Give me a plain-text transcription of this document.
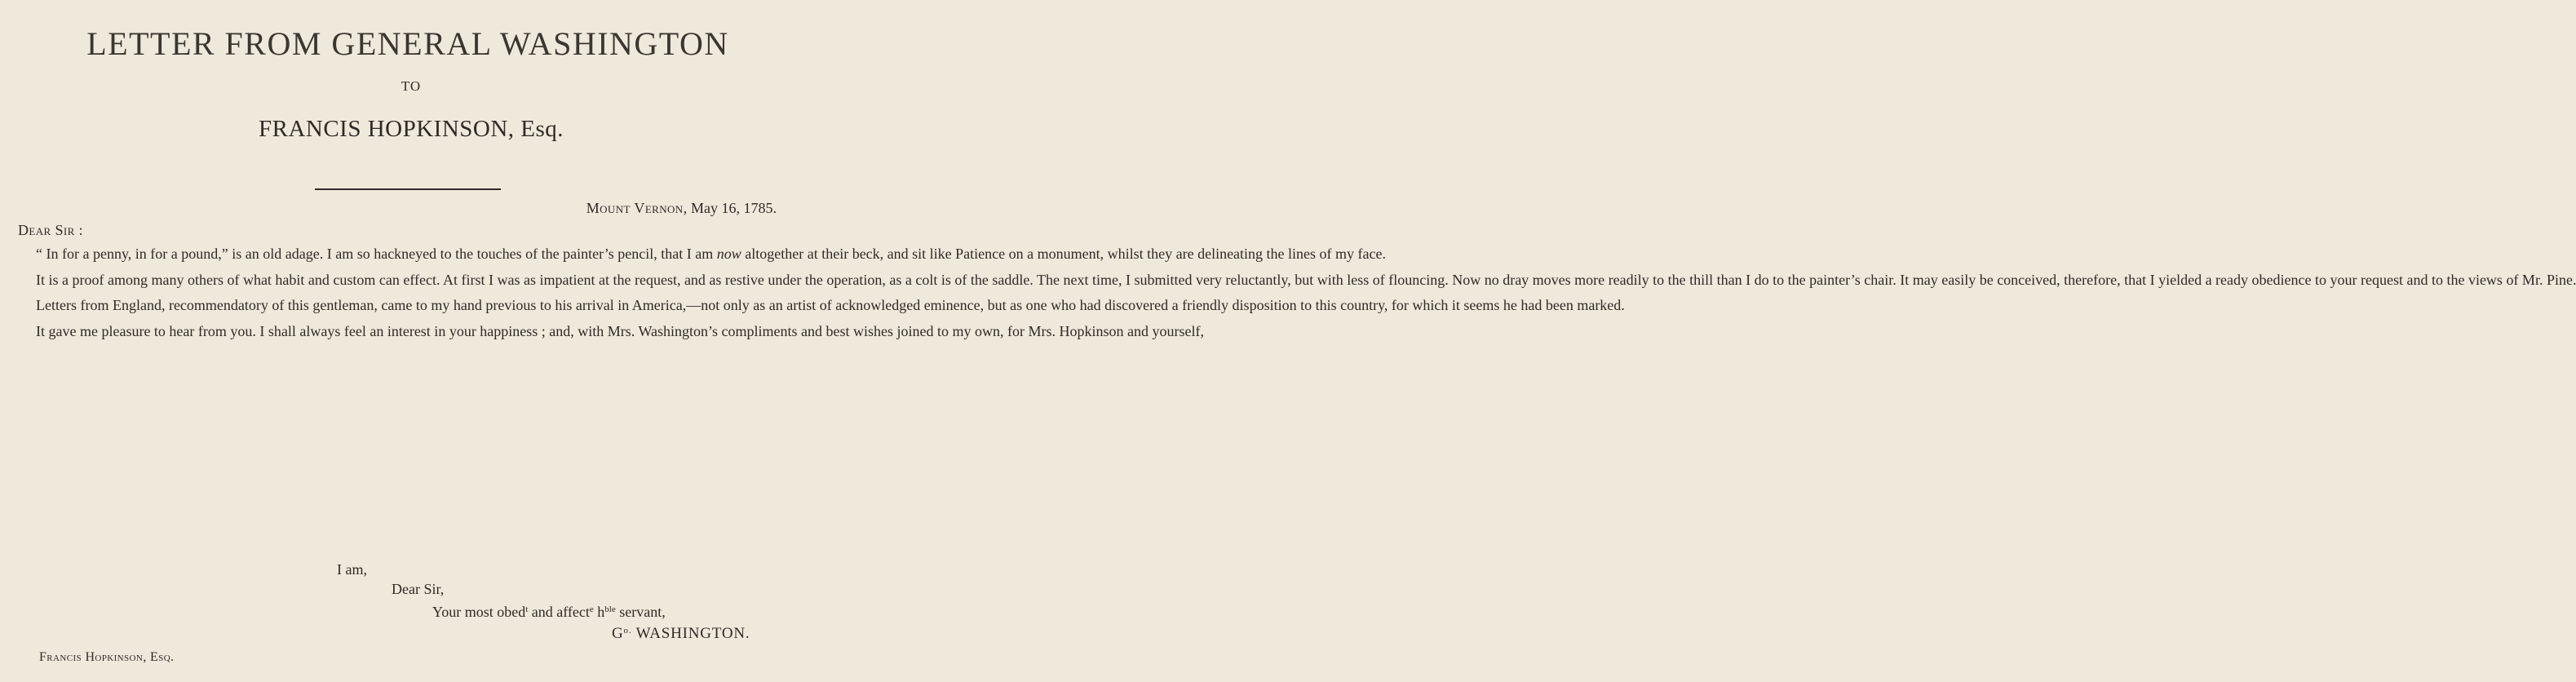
LETTER FROM GENERAL WASHINGTON
TO
FRANCIS HOPKINSON, Esq.
Mount Vernon, May 16, 1785.
Dear Sir :

“ In for a penny, in for a pound,” is an old adage. I am so hackneyed to the touches of the painter’s pencil, that I am now altogether at their beck, and sit like Patience on a monument, whilst they are delineating the lines of my face.

It is a proof among many others of what habit and custom can effect. At first I was as impatient at the request, and as restive under the operation, as a colt is of the saddle. The next time, I submitted very reluctantly, but with less of flouncing. Now no dray moves more readily to the thill than I do to the painter’s chair. It may easily be conceived, therefore, that I yielded a ready obedience to your request and to the views of Mr. Pine.

Letters from England, recommendatory of this gentleman, came to my hand previous to his arrival in America,—not only as an artist of acknowledged eminence, but as one who had discovered a friendly disposition to this country, for which it seems he had been marked.

It gave me pleasure to hear from you. I shall always feel an interest in your happiness ; and, with Mrs. Washington’s compliments and best wishes joined to my own, for Mrs. Hopkinson and yourself,

I am,
Dear Sir,
Your most obed$^t$ and affect$^e$ $h^{ble}$ servant,
$G^{o.}$ WASHINGTON.
Francis Hopkinson, Esq.
